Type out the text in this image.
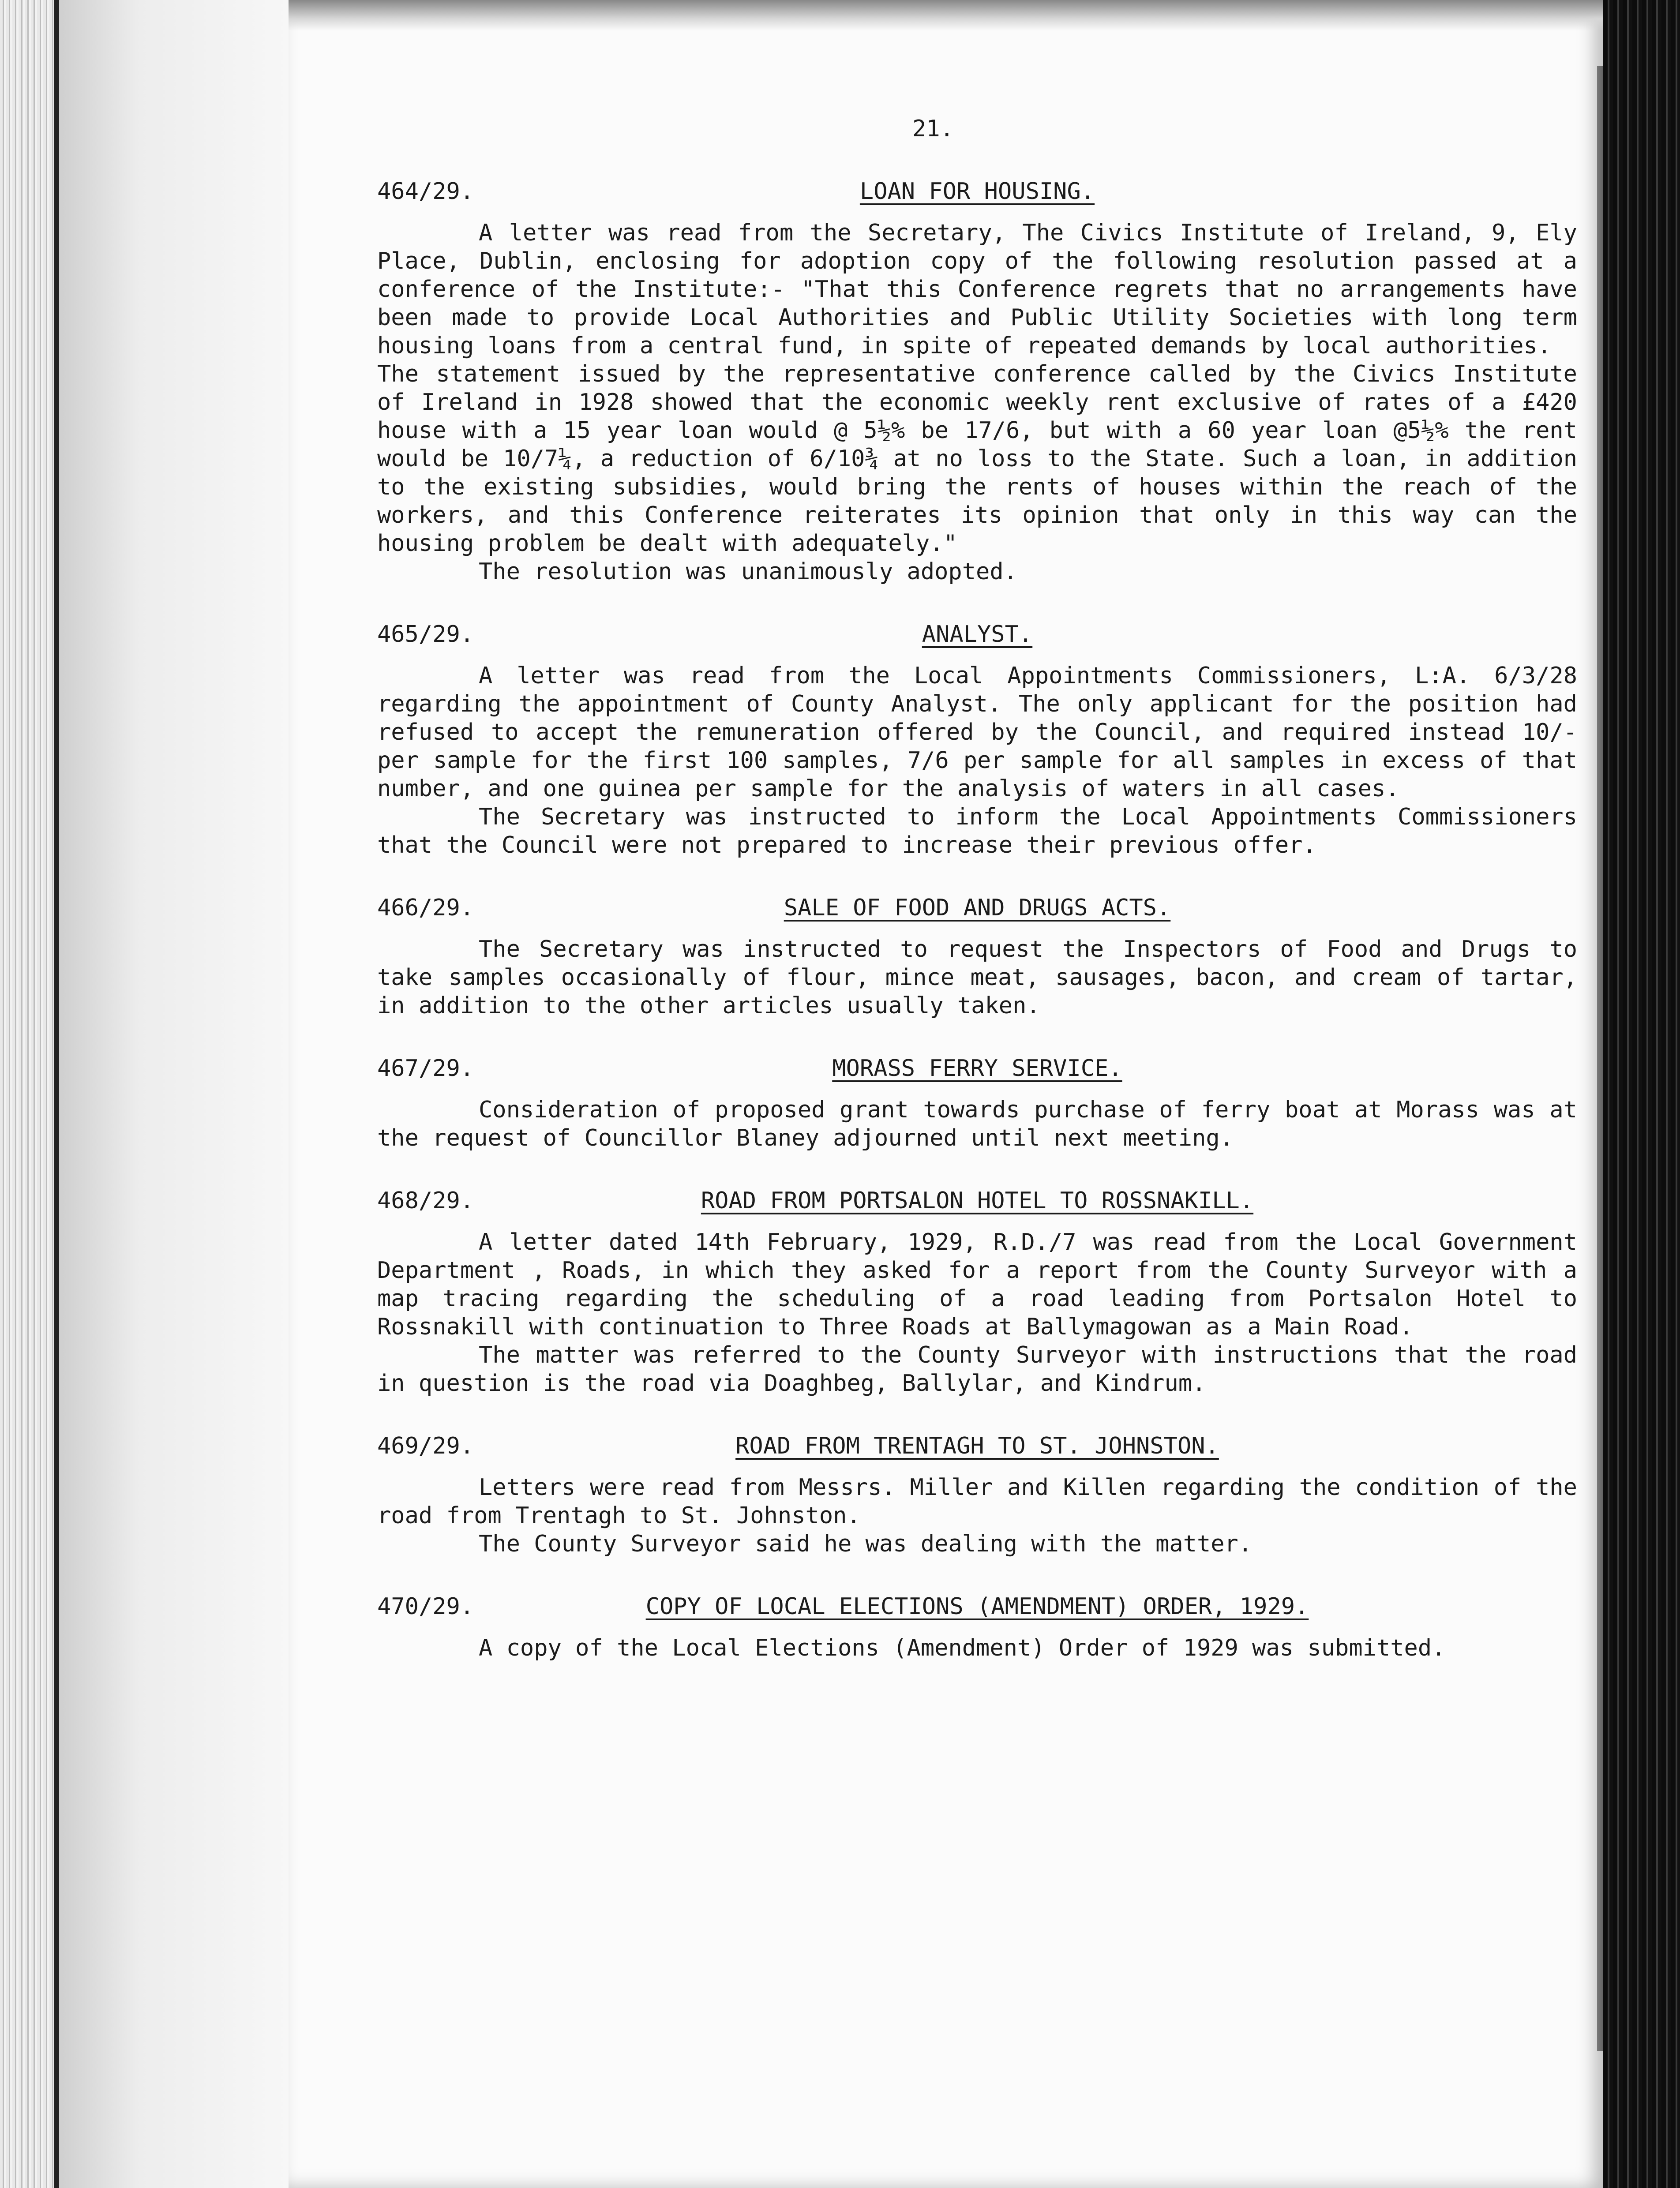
21.
464/29.	LOAN FOR HOUSING.

A letter was read from the Secretary, The Civics Institute of Ireland, 9, Ely Place, Dublin, enclosing for adoption copy of the following resolution passed at a conference of the Institute:- "That this Conference regrets that no arrangements have been made to provide Local Authorities and Public Utility Societies with long term housing loans from a central fund, in spite of repeated demands by local authorities.

The statement issued by the representative conference called by the Civics Institute of Ireland in 1928 showed that the economic weekly rent exclusive of rates of a £420 house with a 15 year loan would @ 5½% be 17/6, but with a 60 year loan @5½% the rent would be 10/7¼, a reduction of 6/10¾ at no loss to the State. Such a loan, in addition to the existing subsidies, would bring the rents of houses within the reach of the workers, and this Conference reiterates its opinion that only in this way can the housing problem be dealt with adequately."

The resolution was unanimously adopted.

465/29.	ANALYST.

A letter was read from the Local Appointments Commissioners, L:A. 6/3/28 regarding the appointment of County Analyst. The only applicant for the position had refused to accept the remuneration offered by the Council, and required instead 10/- per sample for the first 100 samples, 7/6 per sample for all samples in excess of that number, and one guinea per sample for the analysis of waters in all cases.

The Secretary was instructed to inform the Local Appointments Commissioners that the Council were not prepared to increase their previous offer.

466/29.	SALE OF FOOD AND DRUGS ACTS.

The Secretary was instructed to request the Inspectors of Food and Drugs to take samples occasionally of flour, mince meat, sausages, bacon, and cream of tartar, in addition to the other articles usually taken.

467/29.	MORASS FERRY SERVICE.

Consideration of proposed grant towards purchase of ferry boat at Morass was at the request of Councillor Blaney adjourned until next meeting.

468/29.	ROAD FROM PORTSALON HOTEL TO ROSSNAKILL.

A letter dated 14th February, 1929, R.D./7 was read from the Local Government Department , Roads, in which they asked for a report from the County Surveyor with a map tracing regarding the scheduling of a road leading from Portsalon Hotel to Rossnakill with continuation to Three Roads at Ballymagowan as a Main Road.

The matter was referred to the County Surveyor with instructions that the road in question is the road via Doaghbeg, Ballylar, and Kindrum.

469/29.	ROAD FROM TRENTAGH TO ST. JOHNSTON.

Letters were read from Messrs. Miller and Killen regarding the condition of the road from Trentagh to St. Johnston.

The County Surveyor said he was dealing with the matter.

470/29.	COPY OF LOCAL ELECTIONS (AMENDMENT) ORDER, 1929.

A copy of the Local Elections (Amendment) Order of 1929 was submitted.
